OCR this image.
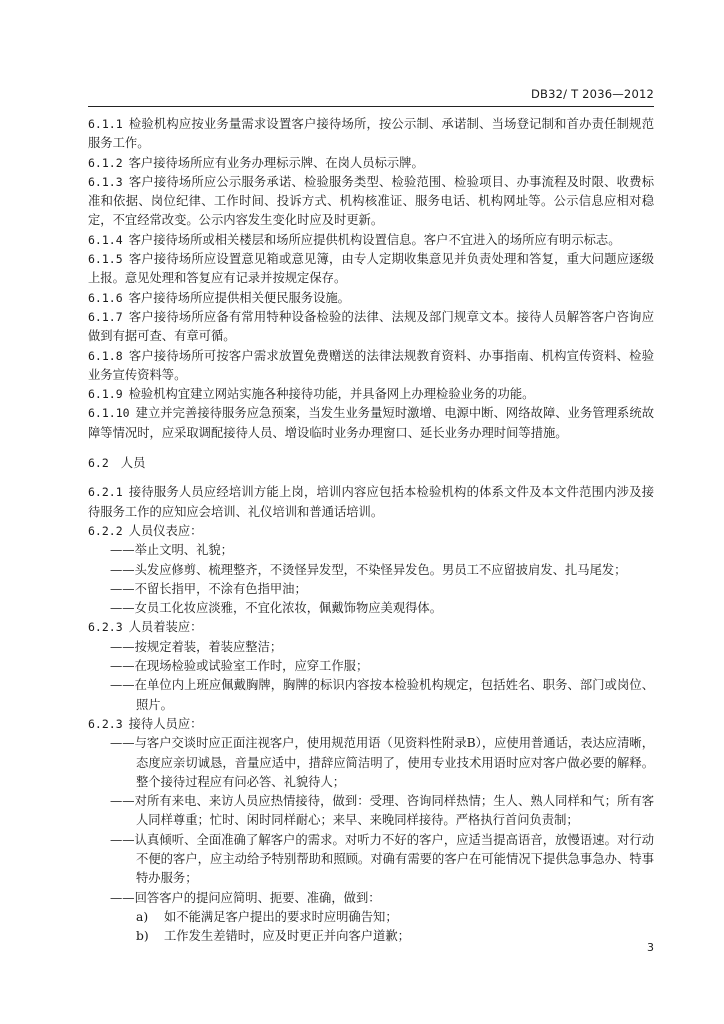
DB32/ T 2036—2012

6.1.1 检验机构应按业务量需求设置客户接待场所，按公示制、承诺制、当场登记制和首办责任制规范服务工作。

6.1.2 客户接待场所应有业务办理标示牌、在岗人员标示牌。

6.1.3 客户接待场所应公示服务承诺、检验服务类型、检验范围、检验项目、办事流程及时限、收费标准和依据、岗位纪律、工作时间、投诉方式、机构核准证、服务电话、机构网址等。公示信息应相对稳定，不宜经常改变。公示内容发生变化时应及时更新。

6.1.4 客户接待场所或相关楼层和场所应提供机构设置信息。客户不宜进入的场所应有明示标志。

6.1.5 客户接待场所应设置意见箱或意见簿，由专人定期收集意见并负责处理和答复，重大问题应逐级上报。意见处理和答复应有记录并按规定保存。

6.1.6 客户接待场所应提供相关便民服务设施。

6.1.7 客户接待场所应备有常用特种设备检验的法律、法规及部门规章文本。接待人员解答客户咨询应做到有据可查、有章可循。

6.1.8 客户接待场所可按客户需求放置免费赠送的法律法规教育资料、办事指南、机构宣传资料、检验业务宣传资料等。

6.1.9 检验机构宜建立网站实施各种接待功能，并具备网上办理检验业务的功能。

6.1.10 建立并完善接待服务应急预案，当发生业务量短时激增、电源中断、网络故障、业务管理系统故障等情况时，应采取调配接待人员、增设临时业务办理窗口、延长业务办理时间等措施。

6.2 人员

6.2.1 接待服务人员应经培训方能上岗，培训内容应包括本检验机构的体系文件及本文件范围内涉及接待服务工作的应知应会培训、礼仪培训和普通话培训。

6.2.2 人员仪表应：

——举止文明、礼貌；

——头发应修剪、梳理整齐，不烫怪异发型，不染怪异发色。男员工不应留披肩发、扎马尾发；

——不留长指甲，不涂有色指甲油；

——女员工化妆应淡雅，不宜化浓妆，佩戴饰物应美观得体。

6.2.3 人员着装应：

——按规定着装，着装应整洁；

——在现场检验或试验室工作时，应穿工作服；

——在单位内上班应佩戴胸牌，胸牌的标识内容按本检验机构规定，包括姓名、职务、部门或岗位、照片。

6.2.3 接待人员应：

——与客户交谈时应正面注视客户，使用规范用语（见资料性附录B），应使用普通话，表达应清晰，态度应亲切诚恳，音量应适中，措辞应简洁明了，使用专业技术用语时应对客户做必要的解释。整个接待过程应有问必答、礼貌待人；

——对所有来电、来访人员应热情接待，做到：受理、咨询同样热情；生人、熟人同样和气；所有客人同样尊重；忙时、闲时同样耐心；来早、来晚同样接待。严格执行首问负责制；

——认真倾听、全面准确了解客户的需求。对听力不好的客户，应适当提高语音，放慢语速。对行动不便的客户，应主动给予特别帮助和照顾。对确有需要的客户在可能情况下提供急事急办、特事特办服务；

——回答客户的提问应简明、扼要、准确，做到：

a) 如不能满足客户提出的要求时应明确告知；

b) 工作发生差错时，应及时更正并向客户道歉；

3
